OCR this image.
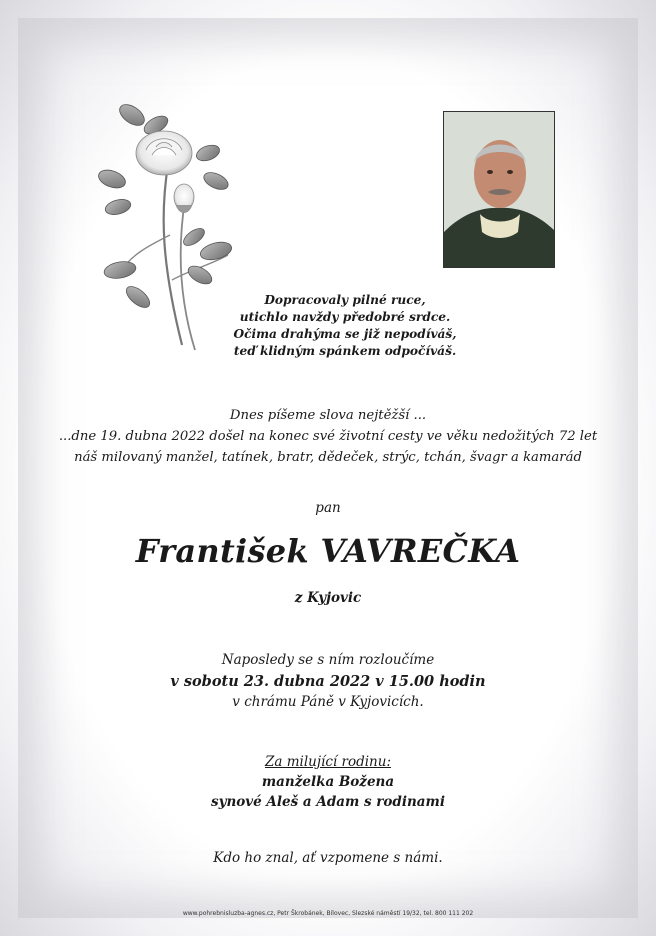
Dopracovaly pilné ruce,
utichlo navždy předobré srdce.
Očima drahýma se již nepodíváš,
teď klidným spánkem odpočíváš.
Dnes píšeme slova nejtěžší ...
...dne 19. dubna 2022 došel na konec své životní cesty ve věku nedožitých 72 let
náš milovaný manžel, tatínek, bratr, dědeček, strýc, tchán, švagr a kamarád
pan
František VAVREČKA
z Kyjovic
Naposledy se s ním rozloučíme
v sobotu 23. dubna 2022 v 15.00 hodin
v chrámu Páně v Kyjovicích.
Za milující rodinu:
manželka Božena
synové Aleš a Adam s rodinami
Kdo ho znal, ať vzpomene s námi.
www.pohrebnisluzba-agnes.cz, Petr Škrobánek, Bílovec, Slezské náměstí 19/32, tel. 800 111 202
